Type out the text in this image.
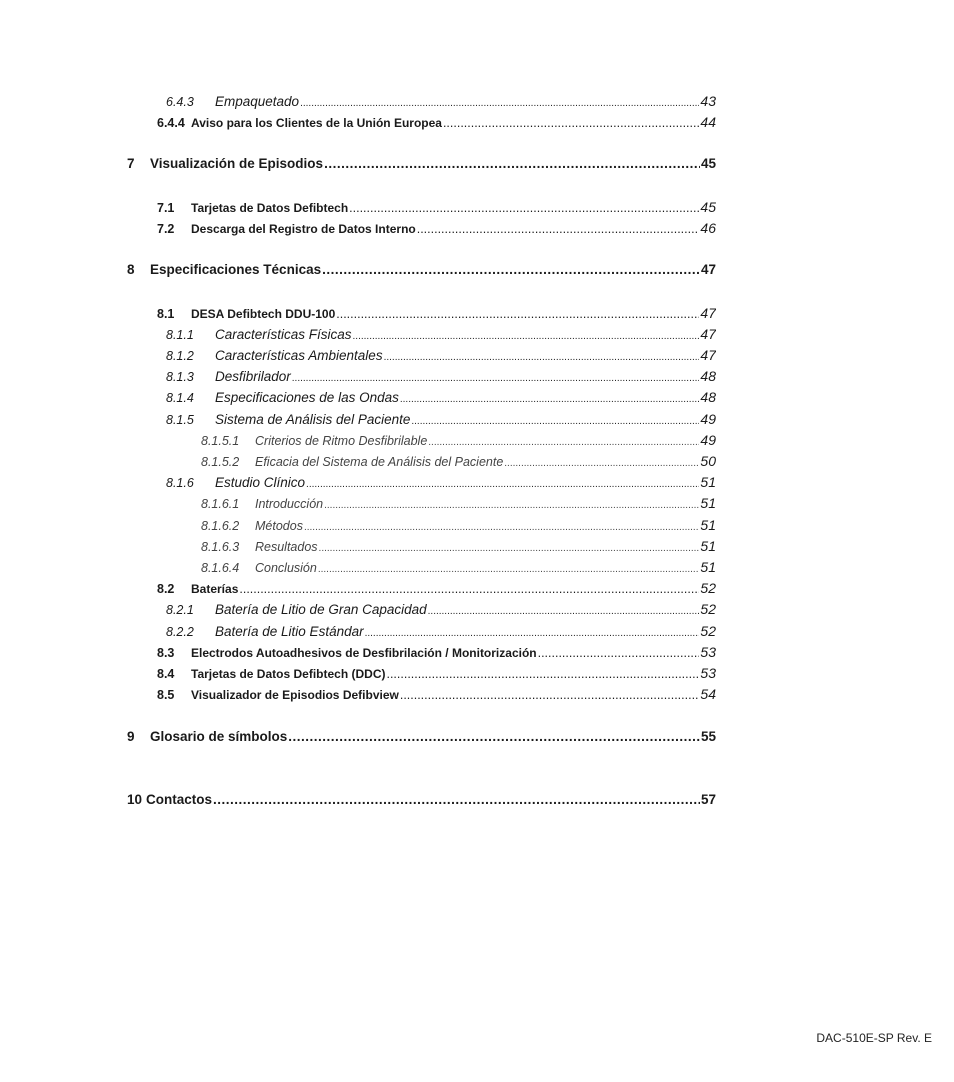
6.4.3	Empaquetado .....	43
6.4.4 Aviso para los Clientes de la Unión Europea .....	44
7	Visualización de Episodios .....	45
7.1	Tarjetas de Datos Defibtech .....	45
7.2	Descarga del Registro de Datos Interno .....	46
8	Especificaciones Técnicas .....	47
8.1	DESA Defibtech DDU-100 .....	47
8.1.1	Características Físicas .....	47
8.1.2	Características Ambientales .....	47
8.1.3	Desfibrilador .....	48
8.1.4	Especificaciones de las Ondas .....	48
8.1.5	Sistema de Análisis del Paciente .....	49
8.1.5.1	Criterios de Ritmo Desfibrilable .....	49
8.1.5.2	Eficacia del Sistema de Análisis del Paciente .....	50
8.1.6	Estudio Clínico .....	51
8.1.6.1	Introducción .....	51
8.1.6.2	Métodos .....	51
8.1.6.3	Resultados .....	51
8.1.6.4	Conclusión .....	51
8.2	Baterías .....	52
8.2.1	Batería de Litio de Gran Capacidad .....	52
8.2.2	Batería de Litio Estándar .....	52
8.3	Electrodos Autoadhesivos de Desfibrilación / Monitorización .....	53
8.4	Tarjetas de Datos Defibtech (DDC) .....	53
8.5	Visualizador de Episodios Defibview .....	54
9	Glosario de símbolos .....	55
10 Contactos .....	57
DAC-510E-SP Rev. E
